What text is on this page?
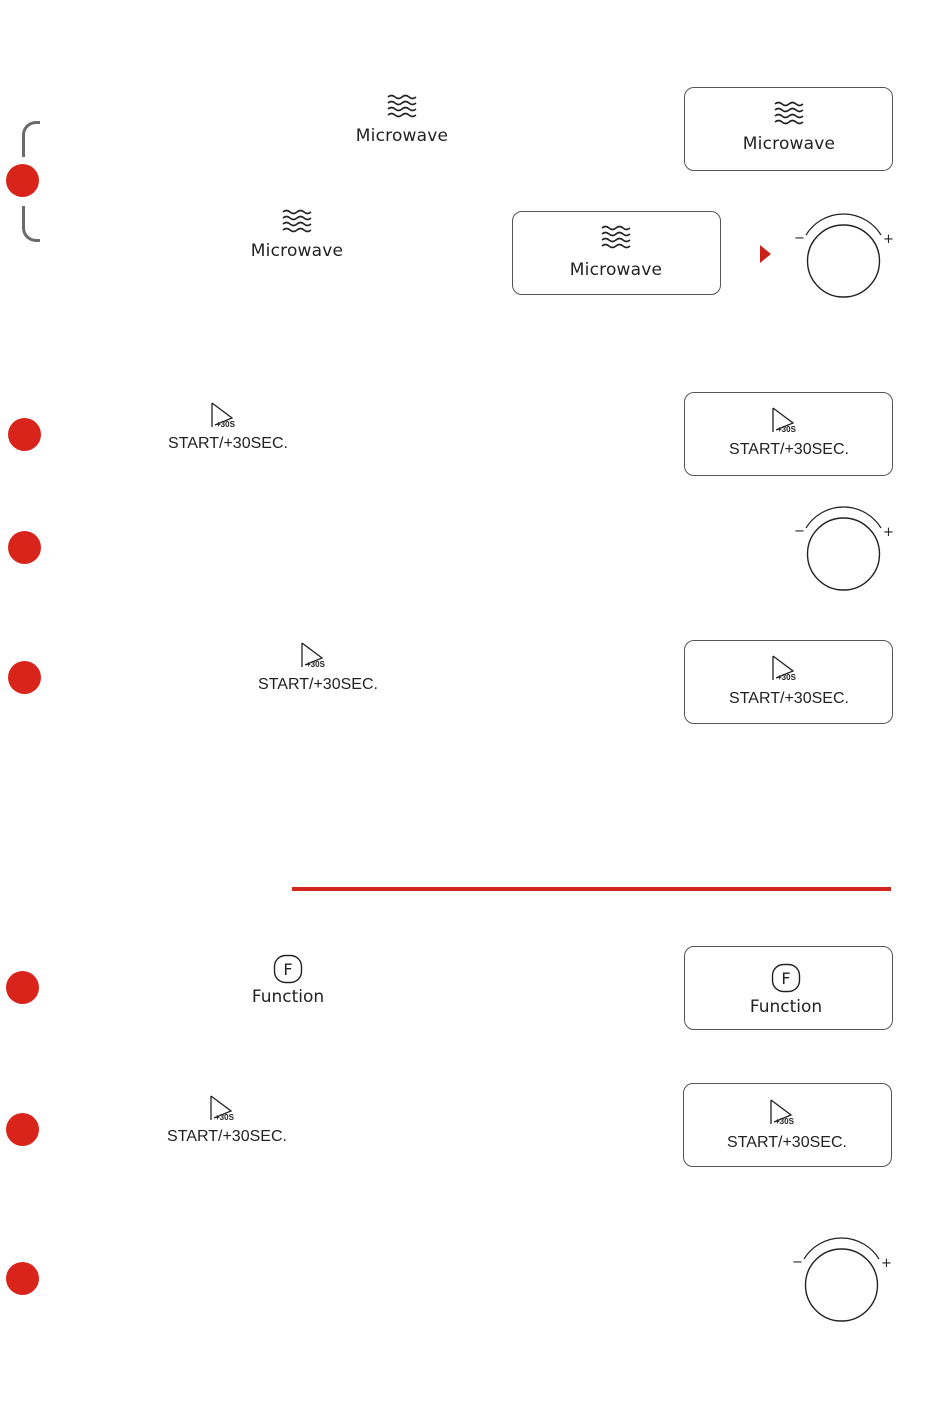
Microwave	Microwave
Microwave
Microwave
−	+
+30S
START/+30SEC.
+30S
START/+30SEC.
−	+
+30S
START/+30SEC.	+30S
START/+30SEC.
F
Function
F
Function
+30S
START/+30SEC.
+30S
START/+30SEC.
−	+
